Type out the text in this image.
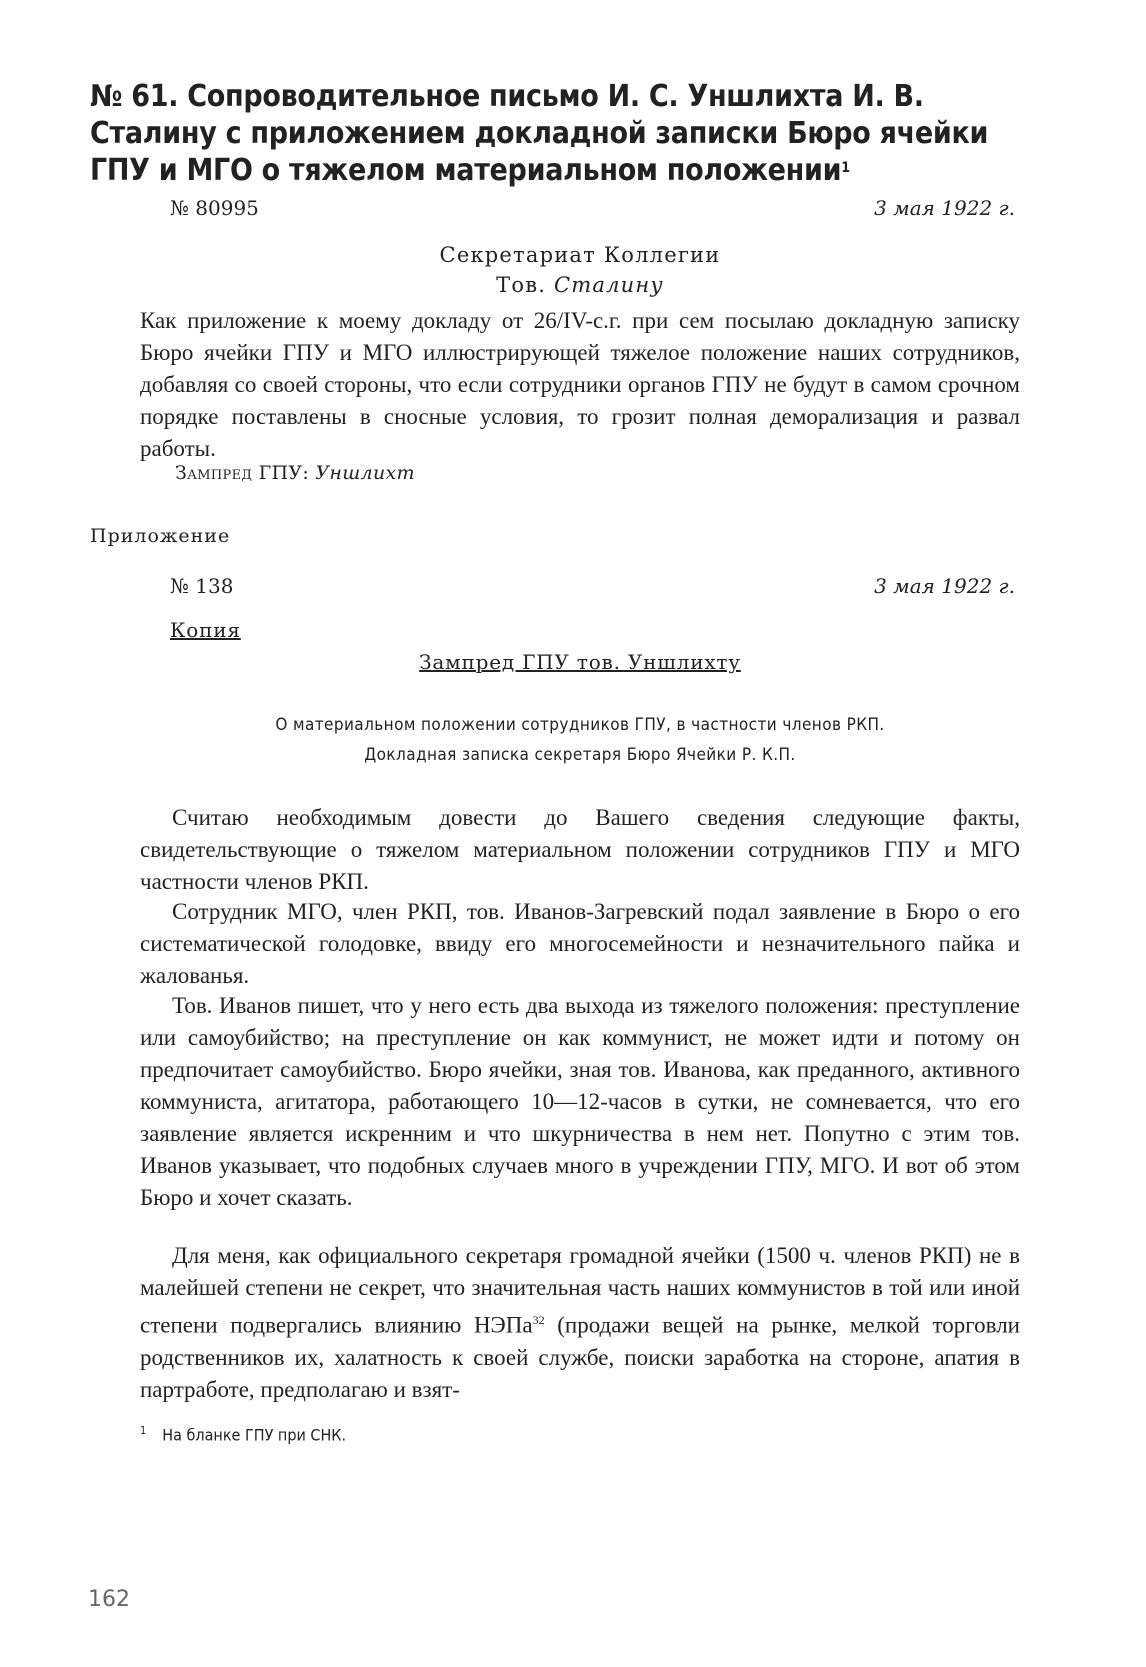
№ 61. Сопроводительное письмо И. С. Уншлихта И. В. Сталину с приложением докладной записки Бюро ячейки ГПУ и МГО о тяжелом материальном положении$^1$
№ 80995	3 мая 1922 г.
Секретариат Коллегии
Тов. Сталину

Как приложение к моему докладу от 26/IV-с.г. при сем посылаю докладную записку Бюро ячейки ГПУ и МГО иллюстрирующей тяжелое положение наших сотрудников, добавляя со своей стороны, что если сотрудники органов ГПУ не будут в самом срочном порядке поставлены в сносные условия, то грозит полная деморализация и развал работы.

Зампред ГПУ: Уншлихт
Приложение
№ 138	3 мая 1922 г.
Копия
Зампред ГПУ тов. Уншлихту
О материальном положении сотрудников ГПУ, в частности членов РКП.
Докладная записка секретаря Бюро Ячейки Р. К.П.

Считаю необходимым довести до Вашего сведения следующие факты, свидетельствующие о тяжелом материальном положении сотрудников ГПУ и МГО частности членов РКП.

Сотрудник МГО, член РКП, тов. Иванов-Загревский подал заявление в Бюро о его систематической голодовке, ввиду его многосемейности и незначительного пайка и жалованья.

Тов. Иванов пишет, что у него есть два выхода из тяжелого положения: преступление или самоубийство; на преступление он как коммунист, не может идти и потому он предпочитает самоубийство. Бюро ячейки, зная тов. Иванова, как преданного, активного коммуниста, агитатора, работающего 10—12-часов в сутки, не сомневается, что его заявление является искренним и что шкурничества в нем нет. Попутно с этим тов. Иванов указывает, что подобных случаев много в учреждении ГПУ, МГО. И вот об этом Бюро и хочет сказать.

Для меня, как официального секретаря громадной ячейки (1500 ч. членов РКП) не в малейшей степени не секрет, что значительная часть наших коммунистов в той или иной степени подвергались влиянию НЭПа$^{32}$ (продажи вещей на рынке, мелкой торговли родственников их, халатность к своей службе, поиски заработка на стороне, апатия в партработе, предполагаю и взят-

$^1$ На бланке ГПУ при СНК.
162
